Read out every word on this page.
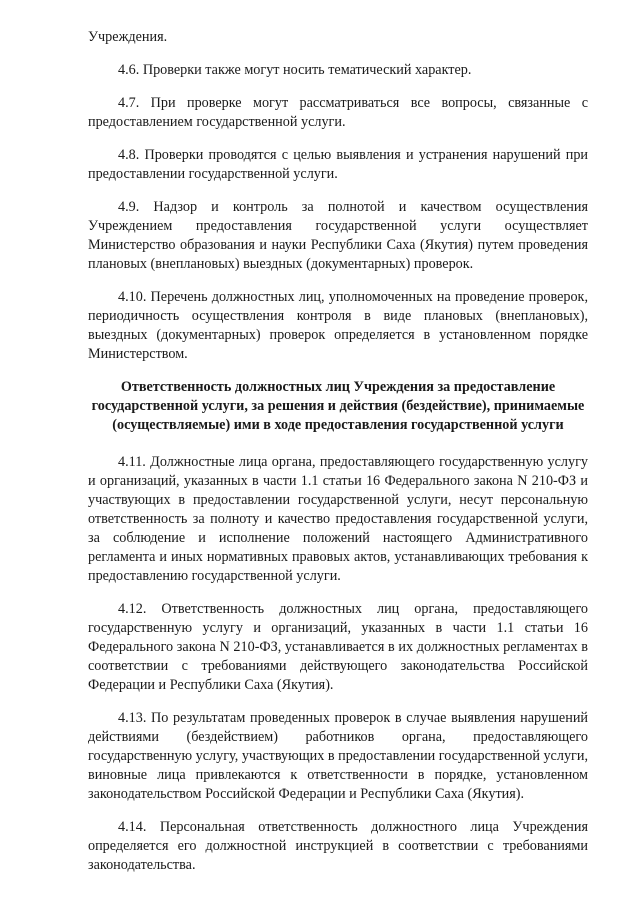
Учреждения.

4.6. Проверки также могут носить тематический характер.

4.7. При проверке могут рассматриваться все вопросы, связанные с предоставлением государственной услуги.

4.8. Проверки проводятся с целью выявления и устранения нарушений при предоставлении государственной услуги.

4.9. Надзор и контроль за полнотой и качеством осуществления Учреждением предоставления государственной услуги осуществляет Министерство образования и науки Республики Саха (Якутия) путем проведения плановых (внеплановых) выездных (документарных) проверок.

4.10. Перечень должностных лиц, уполномоченных на проведение проверок, периодичность осуществления контроля в виде плановых (внеплановых), выездных (документарных) проверок определяется в установленном порядке Министерством.

Ответственность должностных лиц Учреждения за предоставление государственной услуги, за решения и действия (бездействие), принимаемые (осуществляемые) ими в ходе предоставления государственной услуги

4.11. Должностные лица органа, предоставляющего государственную услугу и организаций, указанных в части 1.1 статьи 16 Федерального закона N 210-ФЗ и участвующих в предоставлении государственной услуги, несут персональную ответственность за полноту и качество предоставления государственной услуги, за соблюдение и исполнение положений настоящего Административного регламента и иных нормативных правовых актов, устанавливающих требования к предоставлению государственной услуги.

4.12. Ответственность должностных лиц органа, предоставляющего государственную услугу и организаций, указанных в части 1.1 статьи 16 Федерального закона N 210-ФЗ, устанавливается в их должностных регламентах в соответствии с требованиями действующего законодательства Российской Федерации и Республики Саха (Якутия).

4.13. По результатам проведенных проверок в случае выявления нарушений действиями (бездействием) работников органа, предоставляющего государственную услугу, участвующих в предоставлении государственной услуги, виновные лица привлекаются к ответственности в порядке, установленном законодательством Российской Федерации и Республики Саха (Якутия).

4.14. Персональная ответственность должностного лица Учреждения определяется его должностной инструкцией в соответствии с требованиями законодательства.
